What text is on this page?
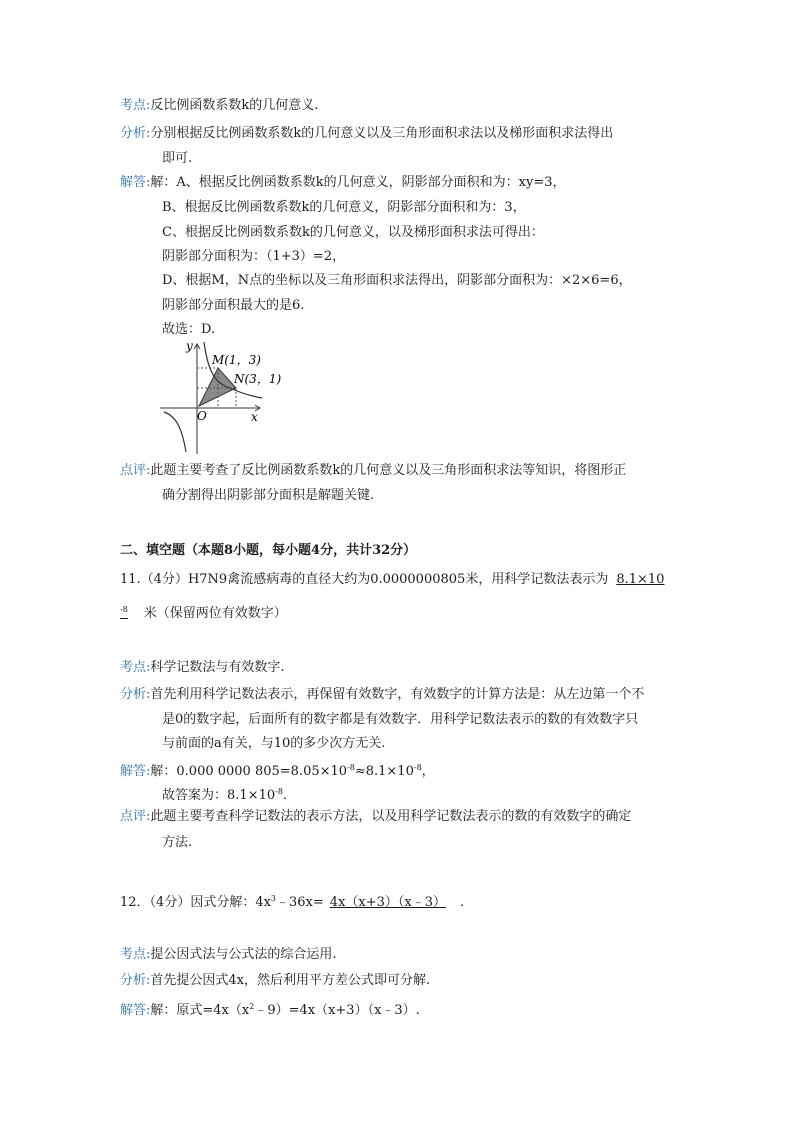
考点:反比例函数系数k的几何意义.
分析:分别根据反比例函数系数k的几何意义以及三角形面积求法以及梯形面积求法得出
即可.
解答:解：A、根据反比例函数系数k的几何意义，阴影部分面积和为：xy=3，
B、根据反比例函数系数k的几何意义，阴影部分面积和为：3，
C、根据反比例函数系数k的几何意义，以及梯形面积求法可得出：
阴影部分面积为：（1+3）=2，
D、根据M，N点的坐标以及三角形面积求法得出，阴影部分面积为：×2×6=6，
阴影部分面积最大的是6.
故选：D.
y
x
O
M(1，3)
N(3，1)
点评:此题主要考查了反比例函数系数k的几何意义以及三角形面积求法等知识，将图形正
确分割得出阴影部分面积是解题关键.
二、填空题（本题8小题，每小题4分，共计32分）
11.（4分）H7N9禽流感病毒的直径大约为0.0000000805米，用科学记数法表示为 8.1×10
$^{-8}$ 米（保留两位有效数字）
考点:科学记数法与有效数字.
分析:首先利用科学记数法表示，再保留有效数字，有效数字的计算方法是：从左边第一个不
是0的数字起，后面所有的数字都是有效数字．用科学记数法表示的数的有效数字只
与前面的a有关，与10的多少次方无关.
解答:解：0.000 0000 $805=8.05\times 10^{-8}\approx 8.1\times 10^{-8}$，
故答案为：$8.1\times 10^{-8}$.
点评:此题主要考查科学记数法的表示方法，以及用科学记数法表示的数的有效数字的确定
方法.
12．（4分）因式分解：$4x^3﹣36x=$ 4x（x+3）（x﹣3） .
考点:提公因式法与公式法的综合运用.
分析:首先提公因式4x，然后利用平方差公式即可分解.
解答:解：原式$=4x(x^2﹣9)=4x(x+3)(x﹣3)$.
